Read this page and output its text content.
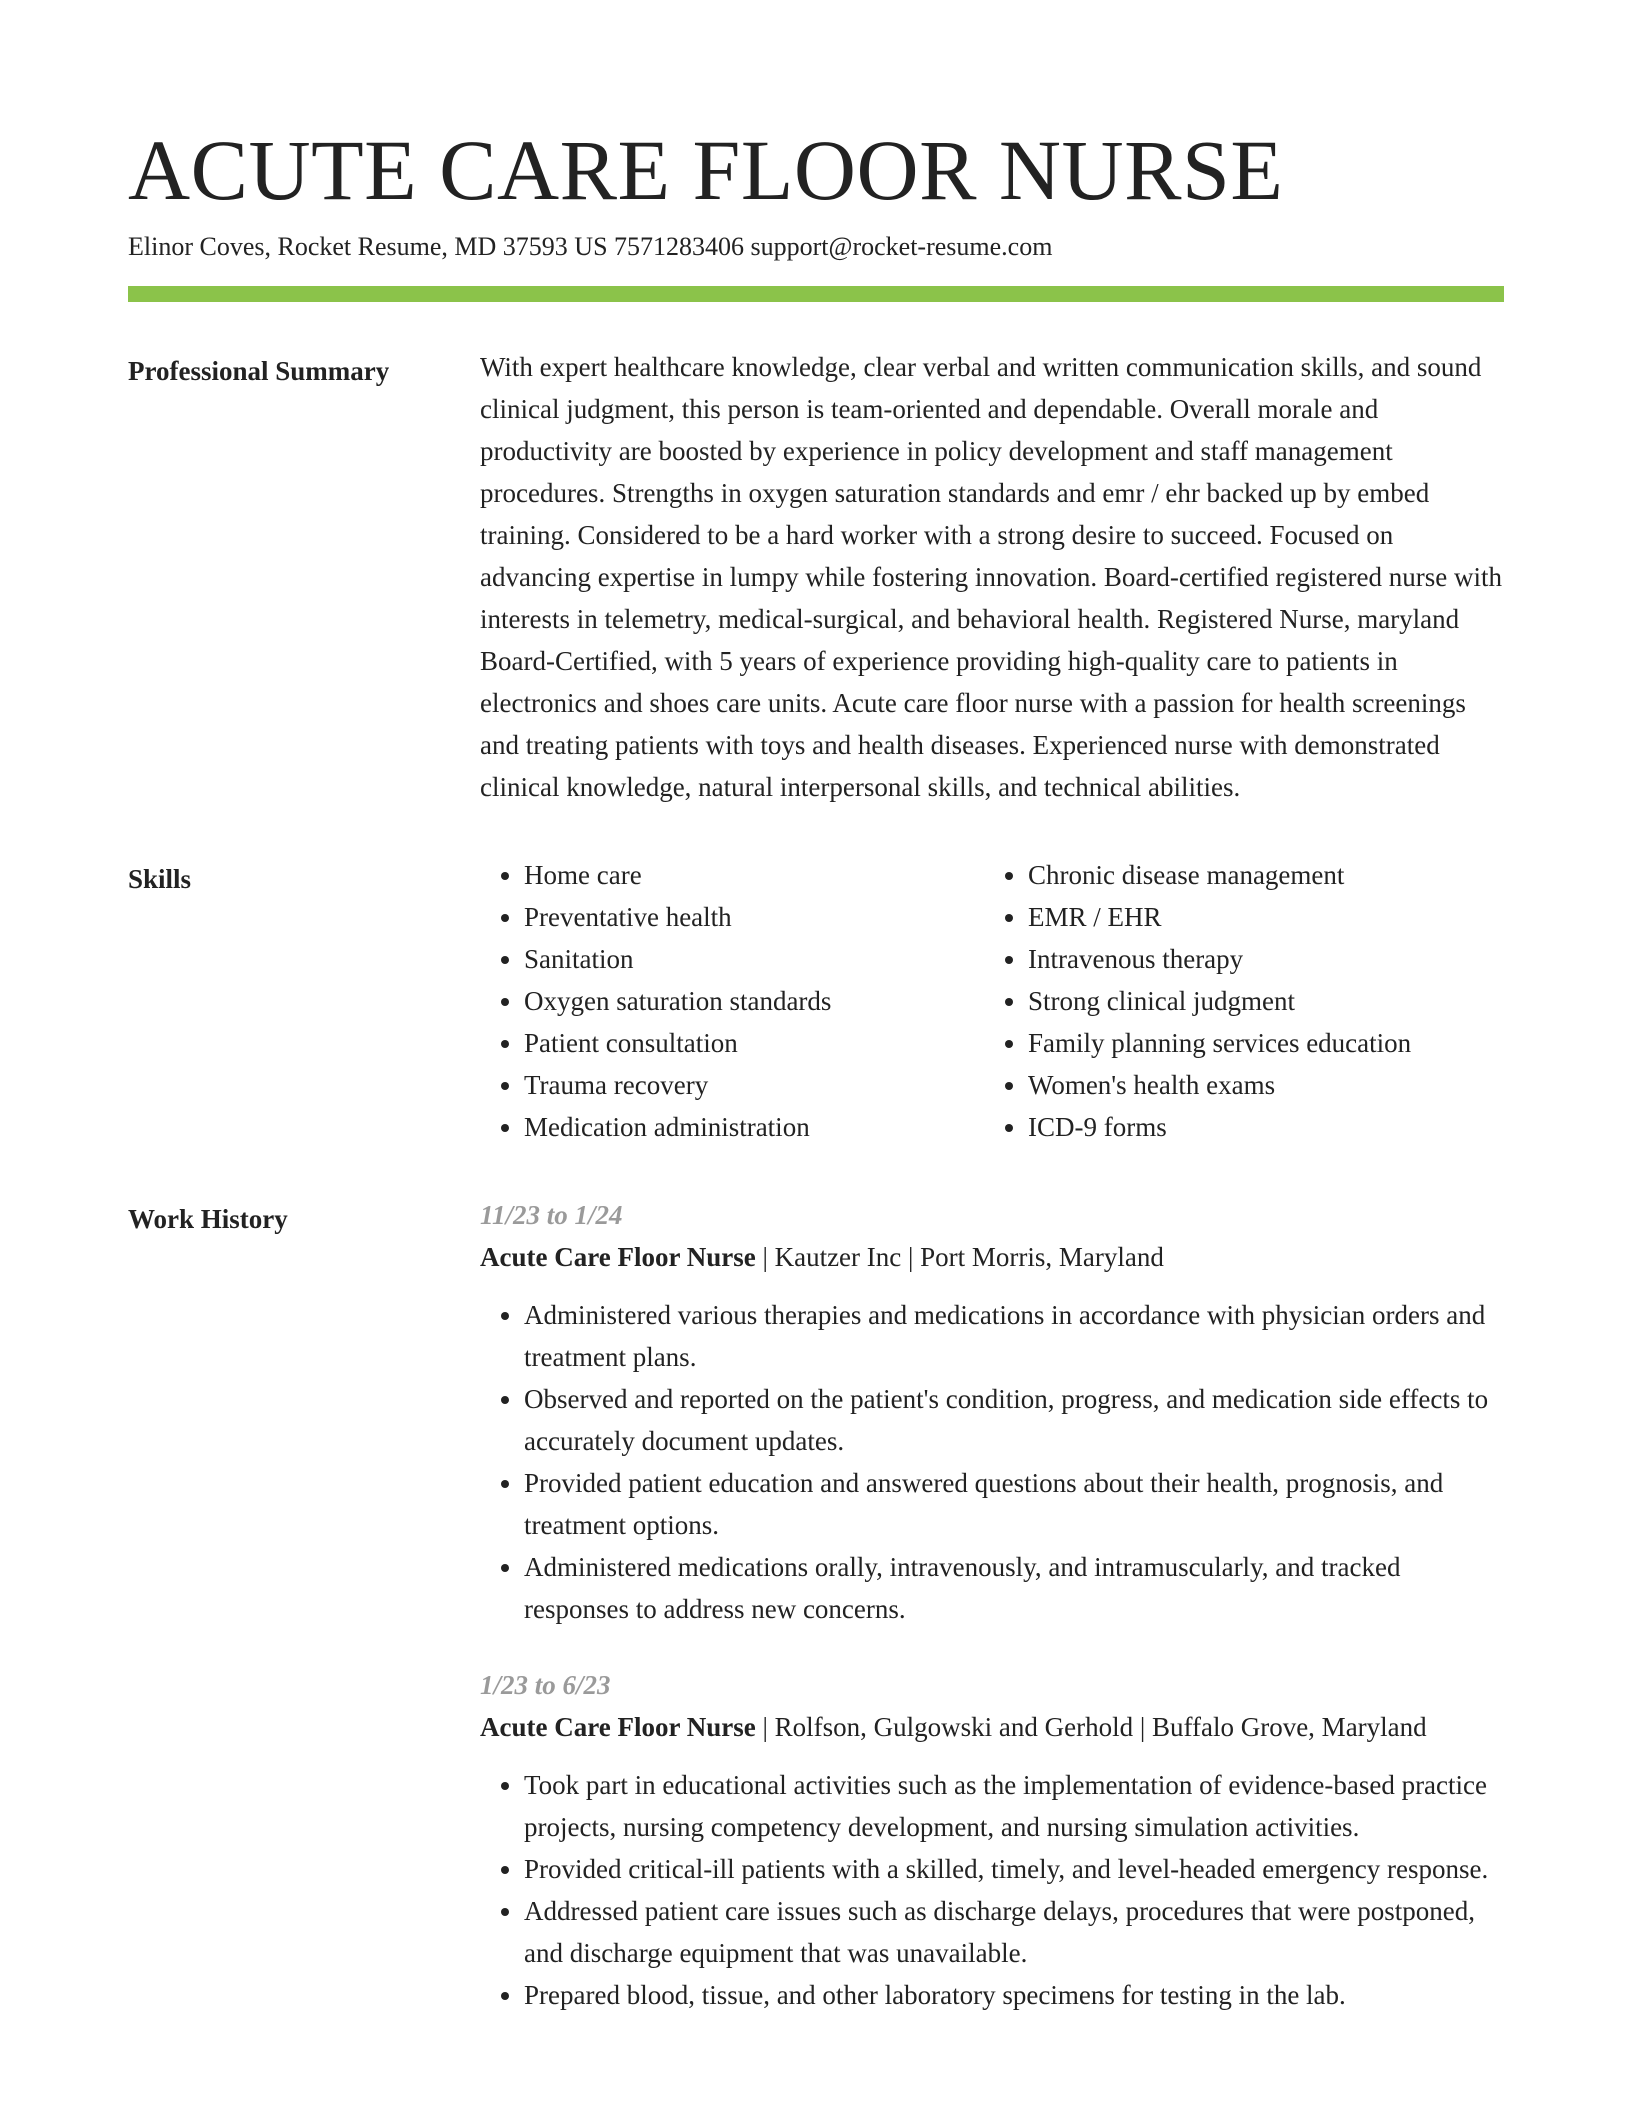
ACUTE CARE FLOOR NURSE
Elinor Coves, Rocket Resume, MD 37593 US 7571283406 support@rocket-resume.com
Professional Summary	With expert healthcare knowledge, clear verbal and written communication skills, and sound clinical judgment, this person is team-oriented and dependable. Overall morale and productivity are boosted by experience in policy development and staff management procedures. Strengths in oxygen saturation standards and emr / ehr backed up by embed training. Considered to be a hard worker with a strong desire to succeed. Focused on advancing expertise in lumpy while fostering innovation. Board-certified registered nurse with interests in telemetry, medical-surgical, and behavioral health. Registered Nurse, maryland Board-Certified, with 5 years of experience providing high-quality care to patients in electronics and shoes care units. Acute care floor nurse with a passion for health screenings and treating patients with toys and health diseases. Experienced nurse with demonstrated clinical knowledge, natural interpersonal skills, and technical abilities.

Skills
•	Home care
• Preventative health
• Sanitation
• Oxygen saturation standards
• Patient consultation
• Trauma recovery
• Medication administration
• Chronic disease management
• EMR / EHR
• Intravenous therapy
• Strong clinical judgment
• Family planning services education
• Women's health exams
• ICD-9 forms
Work History	11/23 to 1/24
Acute Care Floor Nurse | Kautzer Inc | Port Morris, Maryland
• Administered various therapies and medications in accordance with physician orders and treatment plans.
• Observed and reported on the patient's condition, progress, and medication side effects to accurately document updates.
• Provided patient education and answered questions about their health, prognosis, and treatment options.
• Administered medications orally, intravenously, and intramuscularly, and tracked responses to address new concerns.
1/23 to 6/23
Acute Care Floor Nurse | Rolfson, Gulgowski and Gerhold | Buffalo Grove, Maryland
• Took part in educational activities such as the implementation of evidence-based practice projects, nursing competency development, and nursing simulation activities.
• Provided critical-ill patients with a skilled, timely, and level-headed emergency response.
• Addressed patient care issues such as discharge delays, procedures that were postponed, and discharge equipment that was unavailable.
• Prepared blood, tissue, and other laboratory specimens for testing in the lab.
